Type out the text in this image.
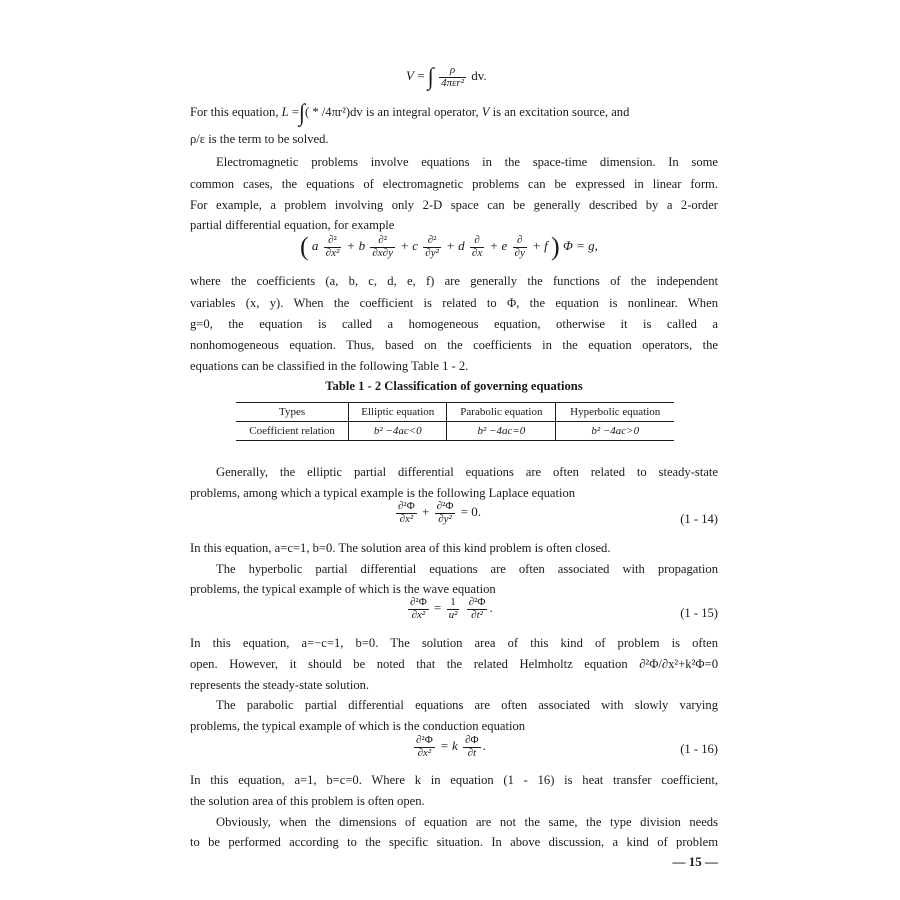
V = ∫ $\frac{\rho}{\text{4πεr²}}$ dv.
For this equation, L =∫( * /4πr²)dv is an integral operator, V is an excitation source, and
ρ/ε is the term to be solved.
Electromagnetic problems involve equations in the space-time dimension. In some
common cases, the equations of electromagnetic problems can be expressed in linear form.
For example, a problem involving only 2-D space can be generally described by a 2-order
partial differential equation, for example
( a $\frac{\text{∂²}}{\text{∂x²}} + b \frac{\text{∂²}}{\partial x\partial y} + c \frac{\text{∂²}}{\text{∂y²}} + d \frac{\partial}{\partial x} + e \frac{\partial}{\partial y} + f$ ) Φ = g,
where the coefficients (a, b, c, d, e, f) are generally the functions of the independent
variables (x, y). When the coefficient is related to Φ, the equation is nonlinear. When
g=0, the equation is called a homogeneous equation, otherwise it is called a
nonhomogeneous equation. Thus, based on the coefficients in the equation operators, the
equations can be classified in the following Table 1 - 2.
Table 1 - 2 Classification of governing equations
Types	Elliptic equation	Parabolic equation	Hyperbolic equation
Coefficient relation	b² −4ac<0	b² −4ac=0	b² −4ac>0
Generally, the elliptic partial differential equations are often related to steady-state
problems, among which a typical example is the following Laplace equation
$\frac{\text{∂²Φ}}{\text{∂x²}} + \frac{\text{∂²Φ}}{\text{∂y²}} = 0$.	(1 - 14)
In this equation, a=c=1, b=0. The solution area of this kind problem is often closed.
The hyperbolic partial differential equations are often associated with propagation
problems, the typical example of which is the wave equation
$\frac{\text{∂²Φ}}{\text{∂x²}} = \frac{1}{\text{u²}}$
$\frac{\text{∂²Φ}}{\text{∂t²}}$ .	(1 - 15)
In this equation, a=−c=1, b=0. The solution area of this kind of problem is often
open. However, it should be noted that the related Helmholtz equation ∂²Φ/∂x²+k²Φ=0
represents the steady-state solution.
The parabolic partial differential equations are often associated with slowly varying
problems, the typical example of which is the conduction equation
$\frac{\text{∂²Φ}}{\text{∂x²}} = k \frac{\partial\Phi}{\partial t}$ .	(1 - 16)
In this equation, a=1, b=c=0. Where k in equation (1 - 16) is heat transfer coefficient,
the solution area of this problem is often open.
Obviously, when the dimensions of equation are not the same, the type division needs
to be performed according to the specific situation. In above discussion, a kind of problem
— 15 —
